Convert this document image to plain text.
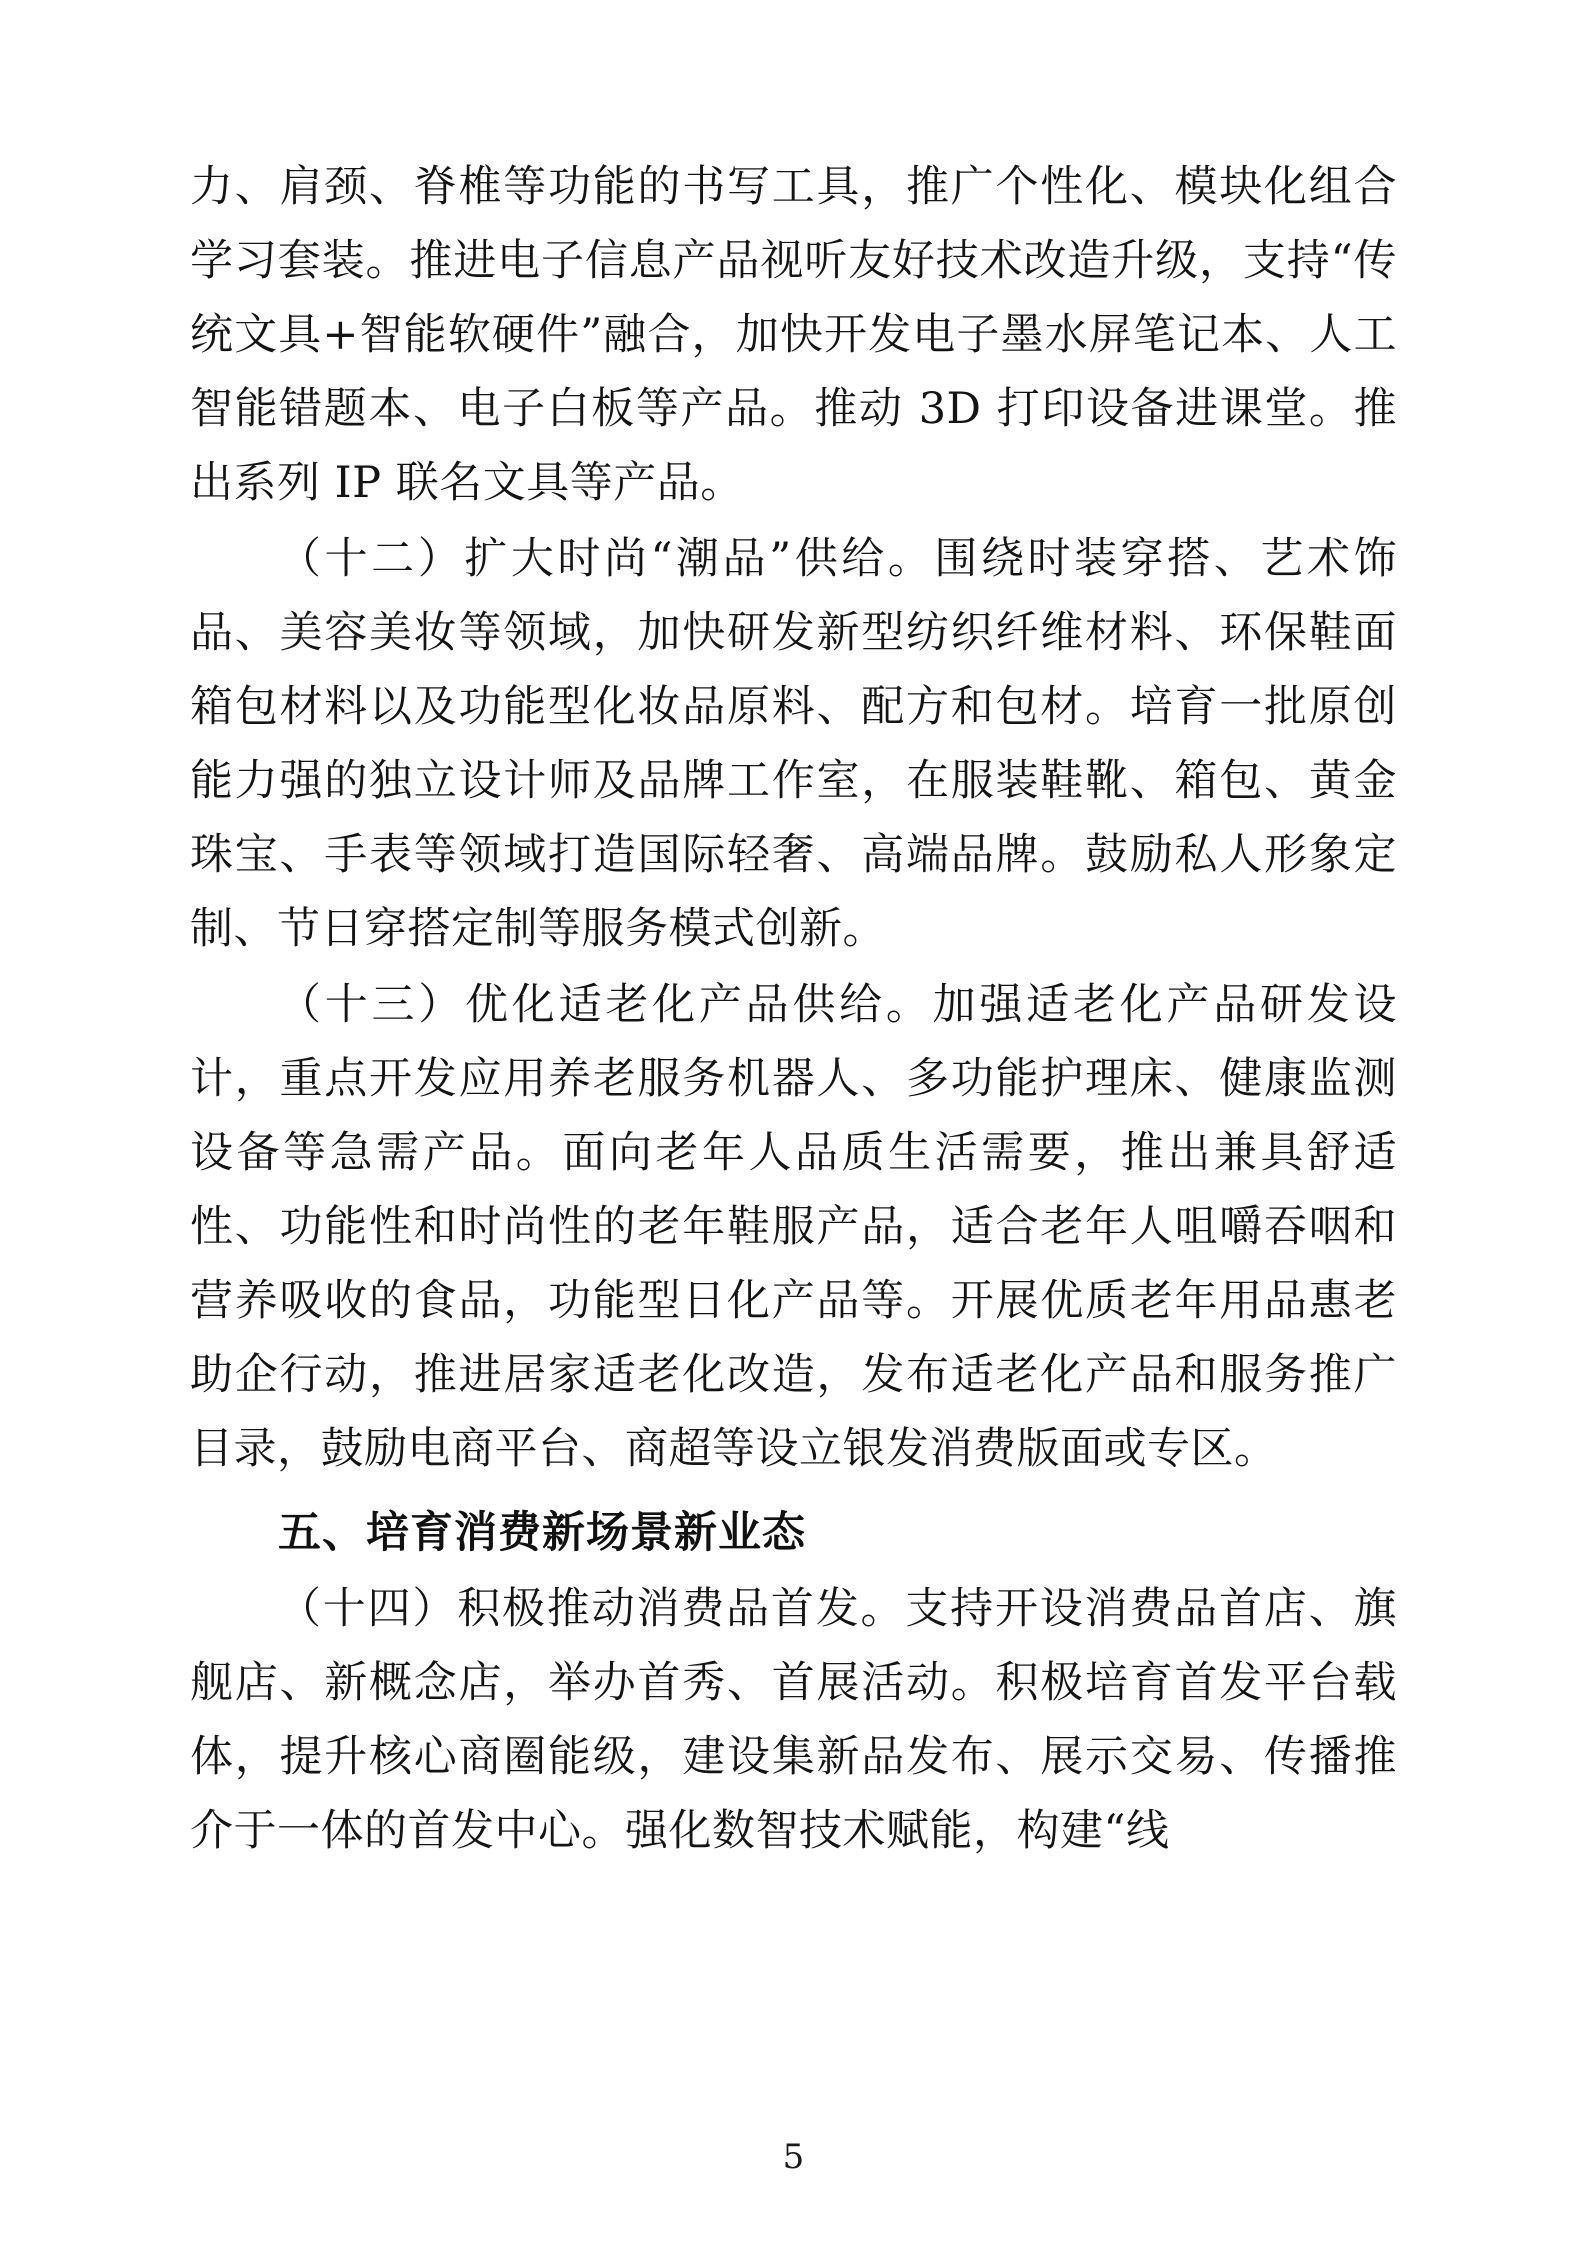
力、肩颈、脊椎等功能的书写工具，推广个性化、模块化组合学习套装。推进电子信息产品视听友好技术改造升级，支持“传统文具+智能软硬件”融合，加快开发电子墨水屏笔记本、人工智能错题本、电子白板等产品。推动 3D 打印设备进课堂。推出系列 IP 联名文具等产品。

（十二）扩大时尚“潮品”供给。围绕时装穿搭、艺术饰品、美容美妆等领域，加快研发新型纺织纤维材料、环保鞋面箱包材料以及功能型化妆品原料、配方和包材。培育一批原创能力强的独立设计师及品牌工作室，在服装鞋靴、箱包、黄金珠宝、手表等领域打造国际轻奢、高端品牌。鼓励私人形象定制、节日穿搭定制等服务模式创新。

（十三）优化适老化产品供给。加强适老化产品研发设计，重点开发应用养老服务机器人、多功能护理床、健康监测设备等急需产品。面向老年人品质生活需要，推出兼具舒适性、功能性和时尚性的老年鞋服产品，适合老年人咀嚼吞咽和营养吸收的食品，功能型日化产品等。开展优质老年用品惠老助企行动，推进居家适老化改造，发布适老化产品和服务推广目录，鼓励电商平台、商超等设立银发消费版面或专区。

五、培育消费新场景新业态

（十四）积极推动消费品首发。支持开设消费品首店、旗舰店、新概念店，举办首秀、首展活动。积极培育首发平台载体，提升核心商圈能级，建设集新品发布、展示交易、传播推介于一体的首发中心。强化数智技术赋能，构建“线

5
